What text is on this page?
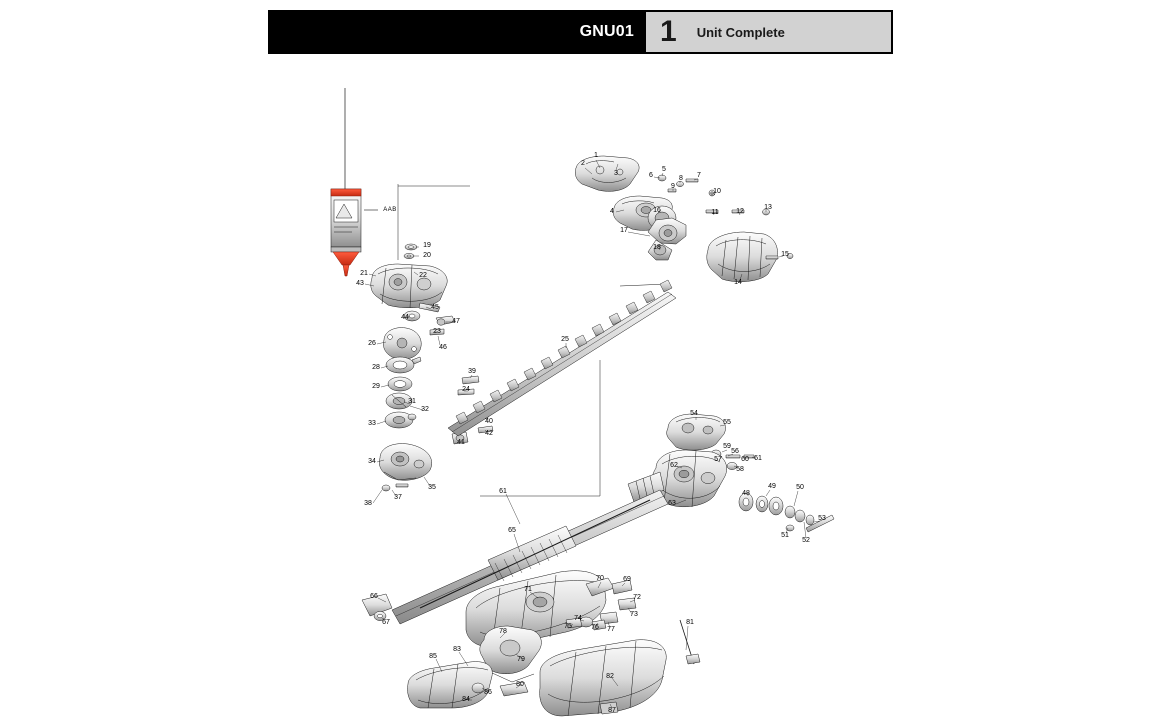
GNU01 1	Unit Complete
AAB
1
2
3
5
6	7
8
9
10
13
12
11
4	16
17
18
15
14
19
20
21	22
43
45
44
47
46
23
25
26
28
29
39
24
31
32
33	40
42
41
34
35
37
38
54
55
59
56
57	60 61
58
62
49	50
48
53
51
52
63
61
65
66
67
70	69
71
72
73
74
75	76 77
78
79
80
83
85
86
84
82
81
87
